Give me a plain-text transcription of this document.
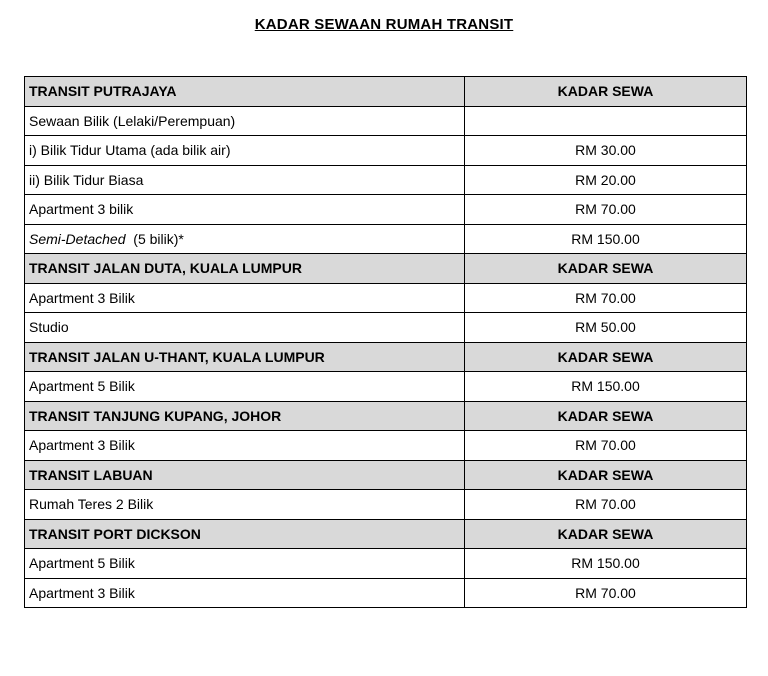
KADAR SEWAAN RUMAH TRANSIT
TRANSIT PUTRAJAYA	KADAR SEWA
Sewaan Bilik (Lelaki/Perempuan)	
i) Bilik Tidur Utama (ada bilik air)	RM 30.00
ii) Bilik Tidur Biasa	RM 20.00
Apartment 3 bilik	RM 70.00
Semi-Detached  (5 bilik)*	RM 150.00
TRANSIT JALAN DUTA, KUALA LUMPUR	KADAR SEWA
Apartment 3 Bilik	RM 70.00
Studio	RM 50.00
TRANSIT JALAN U-THANT, KUALA LUMPUR	KADAR SEWA
Apartment 5 Bilik	RM 150.00
TRANSIT TANJUNG KUPANG, JOHOR	KADAR SEWA
Apartment 3 Bilik	RM 70.00
TRANSIT LABUAN	KADAR SEWA
Rumah Teres 2 Bilik	RM 70.00
TRANSIT PORT DICKSON	KADAR SEWA
Apartment 5 Bilik	RM 150.00
Apartment 3 Bilik	RM 70.00
